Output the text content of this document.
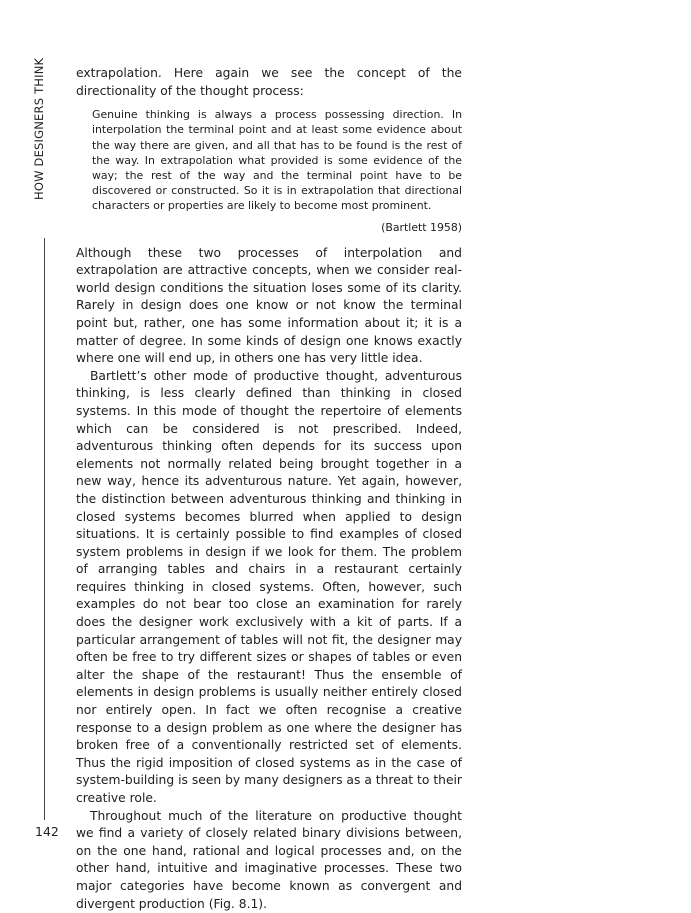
HOW DESIGNERS THINK
142

extrapolation. Here again we see the concept of the directionality of the thought process:

Genuine thinking is always a process possessing direction. In interpolation the terminal point and at least some evidence about the way there are given, and all that has to be found is the rest of the way. In extrapolation what provided is some evidence of the way; the rest of the way and the terminal point have to be discovered or constructed. So it is in extrapolation that directional characters or properties are likely to become most prominent.
(Bartlett 1958)

Although these two processes of interpolation and extrapolation are attractive concepts, when we consider real-world design conditions the situation loses some of its clarity. Rarely in design does one know or not know the terminal point but, rather, one has some information about it; it is a matter of degree. In some kinds of design one knows exactly where one will end up, in others one has very little idea.

Bartlett’s other mode of productive thought, adventurous thinking, is less clearly defined than thinking in closed systems. In this mode of thought the repertoire of elements which can be considered is not prescribed. Indeed, adventurous thinking often depends for its success upon elements not normally related being brought together in a new way, hence its adventurous nature. Yet again, however, the distinction between adventurous thinking and thinking in closed systems becomes blurred when applied to design situations. It is certainly possible to find examples of closed system problems in design if we look for them. The problem of arranging tables and chairs in a restaurant certainly requires thinking in closed systems. Often, however, such examples do not bear too close an examination for rarely does the designer work exclusively with a kit of parts. If a particular arrangement of tables will not fit, the designer may often be free to try different sizes or shapes of tables or even alter the shape of the restaurant! Thus the ensemble of elements in design problems is usually neither entirely closed nor entirely open. In fact we often recognise a creative response to a design problem as one where the designer has broken free of a conventionally restricted set of elements. Thus the rigid imposition of closed systems as in the case of system-building is seen by many designers as a threat to their creative role.

Throughout much of the literature on productive thought we find a variety of closely related binary divisions between, on the one hand, rational and logical processes and, on the other hand, intuitive and imaginative processes. These two major categories have become known as convergent and divergent production (Fig. 8.1).
